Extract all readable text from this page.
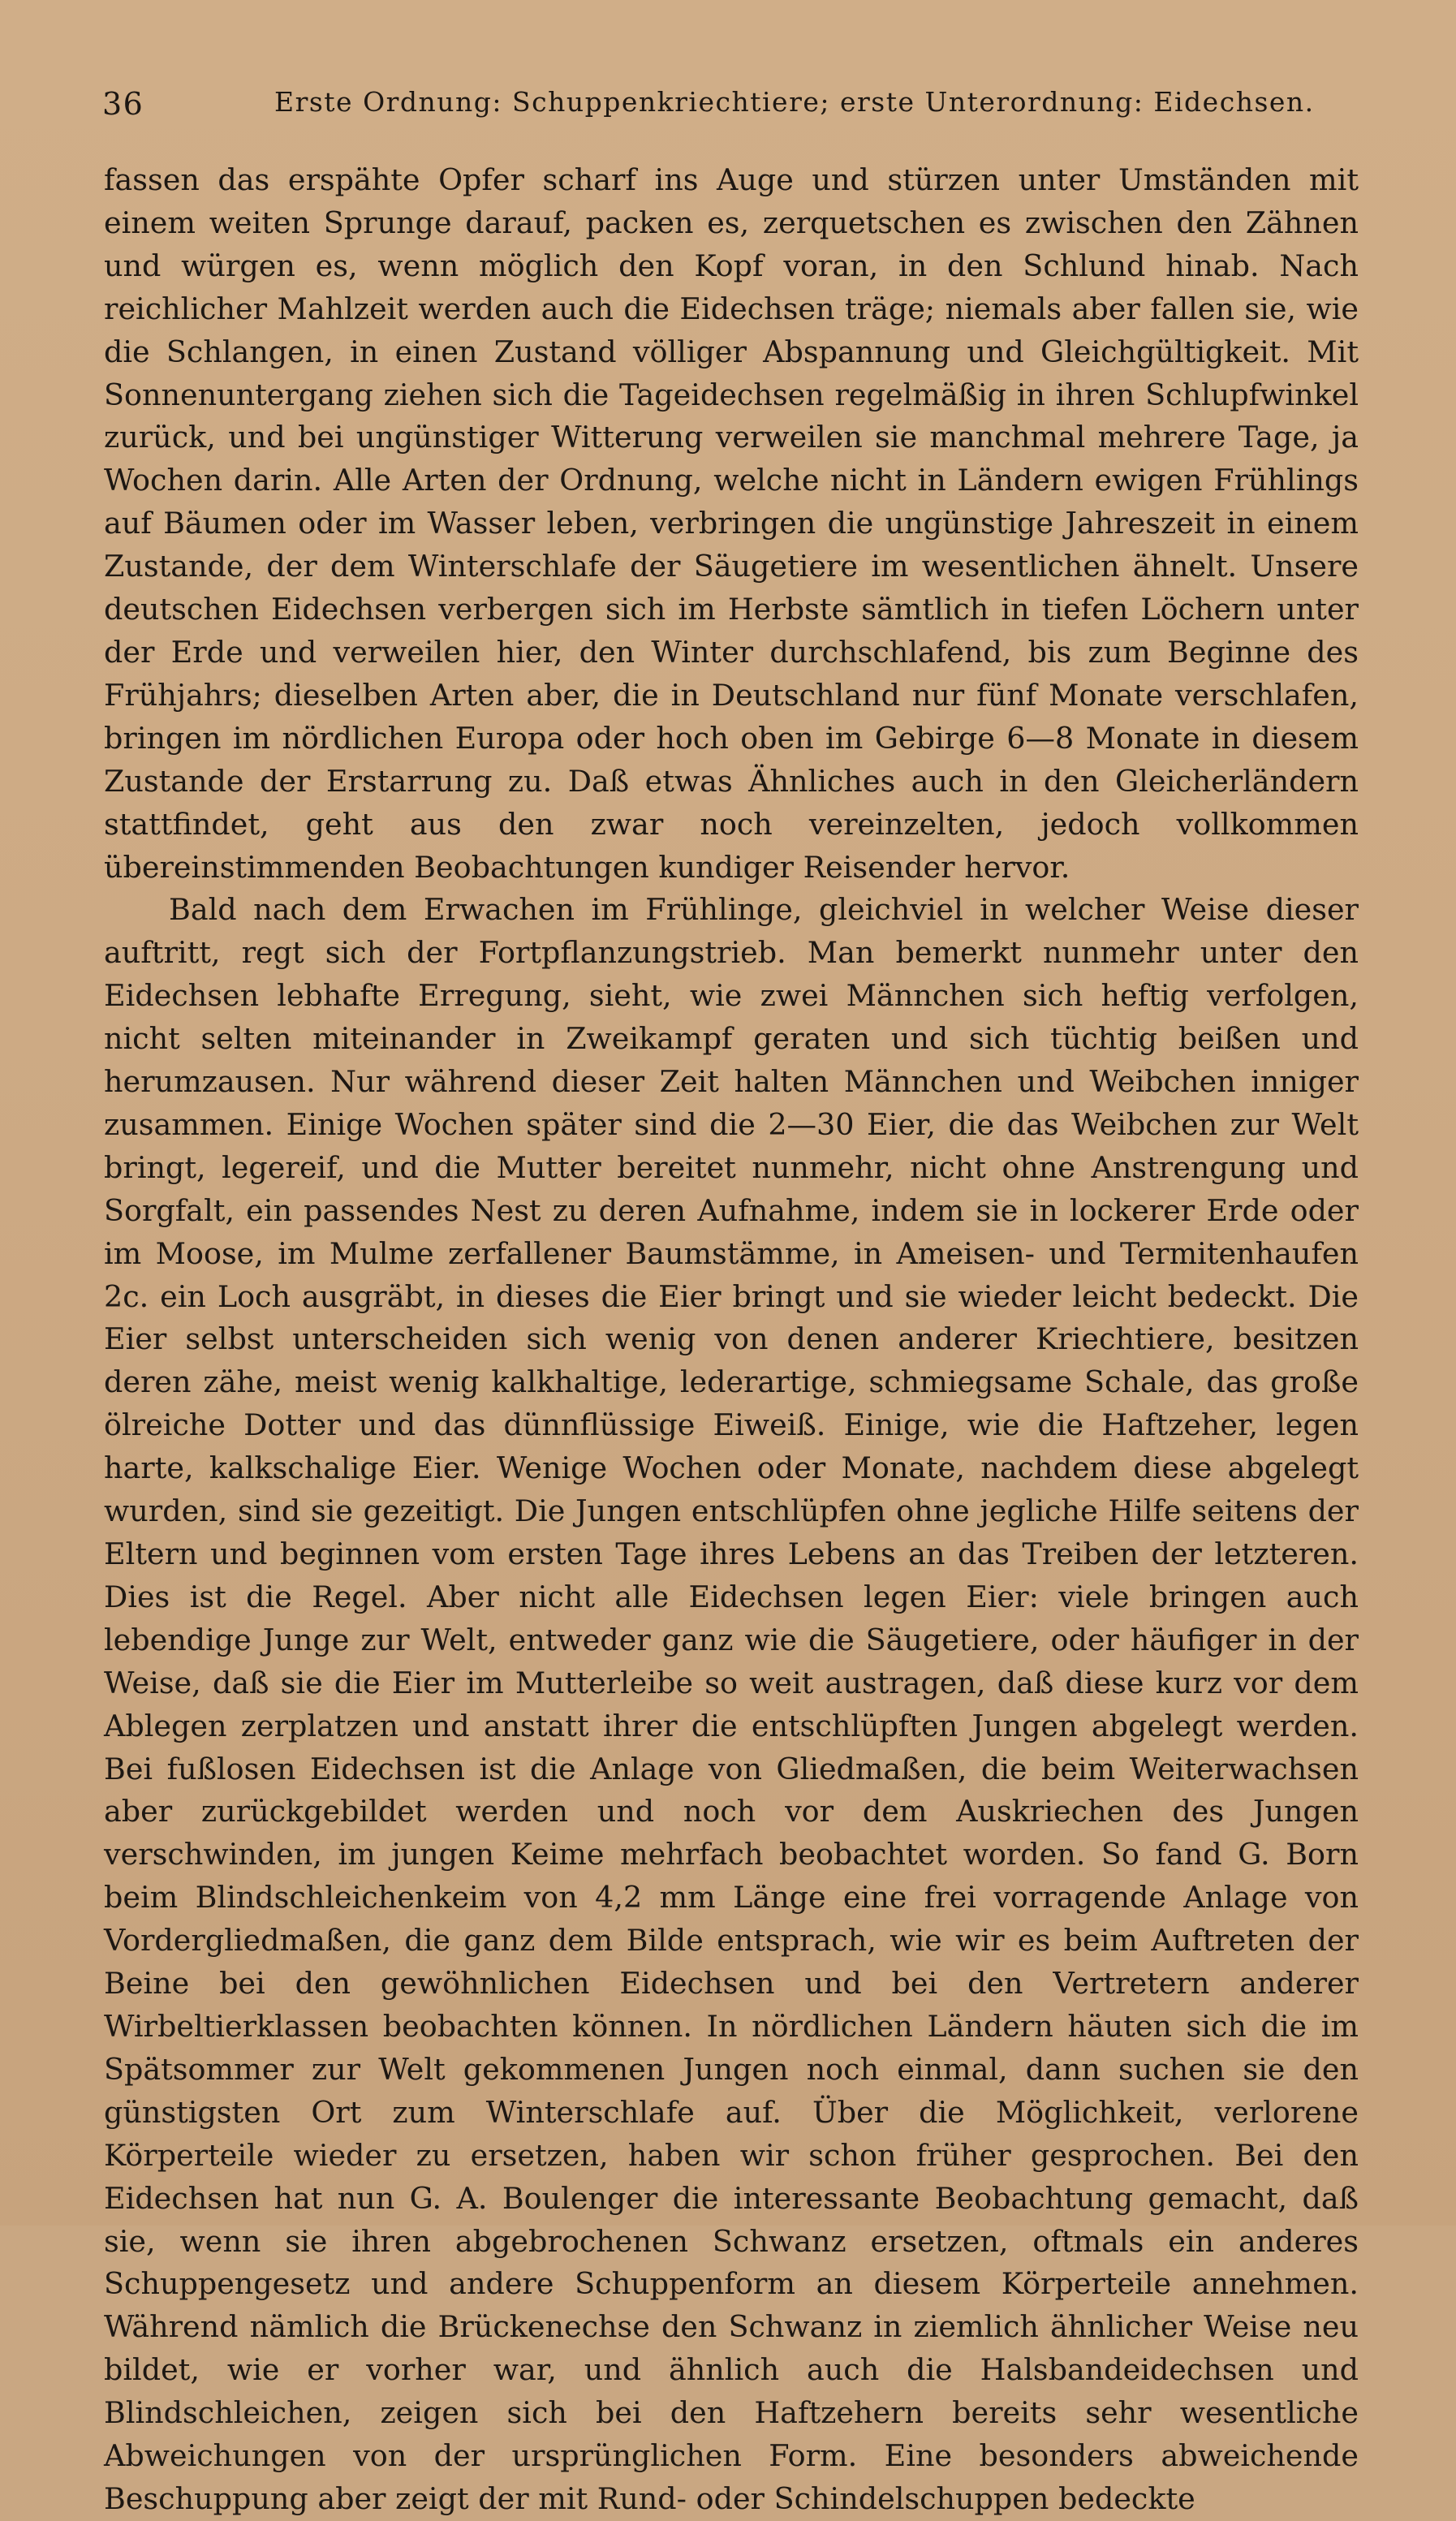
36	Erste Ordnung: Schuppenkriechtiere; erste Unterordnung: Eidechsen.

fassen das erspähte Opfer scharf ins Auge und stürzen unter Umständen mit einem weiten Sprunge darauf, packen es, zerquetschen es zwischen den Zähnen und würgen es, wenn möglich den Kopf voran, in den Schlund hinab. Nach reichlicher Mahlzeit werden auch die Eidechsen träge; niemals aber fallen sie, wie die Schlangen, in einen Zustand völliger Abspannung und Gleichgültigkeit. Mit Sonnenuntergang ziehen sich die Tageidechsen regelmäßig in ihren Schlupfwinkel zurück, und bei ungünstiger Witterung verweilen sie manchmal mehrere Tage, ja Wochen darin. Alle Arten der Ordnung, welche nicht in Ländern ewigen Frühlings auf Bäumen oder im Wasser leben, verbringen die ungünstige Jahreszeit in einem Zustande, der dem Winterschlafe der Säugetiere im wesentlichen ähnelt. Unsere deutschen Eidechsen verbergen sich im Herbste sämtlich in tiefen Löchern unter der Erde und verweilen hier, den Winter durchschlafend, bis zum Beginne des Frühjahrs; dieselben Arten aber, die in Deutschland nur fünf Monate verschlafen, bringen im nördlichen Europa oder hoch oben im Gebirge 6—8 Monate in diesem Zustande der Erstarrung zu. Daß etwas Ähnliches auch in den Gleicherländern stattfindet, geht aus den zwar noch vereinzelten, jedoch vollkommen übereinstimmenden Beobachtungen kundiger Reisender hervor.

Bald nach dem Erwachen im Frühlinge, gleichviel in welcher Weise dieser auftritt, regt sich der Fortpflanzungstrieb. Man bemerkt nunmehr unter den Eidechsen lebhafte Erregung, sieht, wie zwei Männchen sich heftig verfolgen, nicht selten miteinander in Zweikampf geraten und sich tüchtig beißen und herumzausen. Nur während dieser Zeit halten Männchen und Weibchen inniger zusammen. Einige Wochen später sind die 2—30 Eier, die das Weibchen zur Welt bringt, legereif, und die Mutter bereitet nunmehr, nicht ohne Anstrengung und Sorgfalt, ein passendes Nest zu deren Aufnahme, indem sie in lockerer Erde oder im Moose, im Mulme zerfallener Baumstämme, in Ameisen- und Termitenhaufen 2c. ein Loch ausgräbt, in dieses die Eier bringt und sie wieder leicht bedeckt. Die Eier selbst unterscheiden sich wenig von denen anderer Kriechtiere, besitzen deren zähe, meist wenig kalkhaltige, lederartige, schmiegsame Schale, das große ölreiche Dotter und das dünnflüssige Eiweiß. Einige, wie die Haftzeher, legen harte, kalkschalige Eier. Wenige Wochen oder Monate, nachdem diese abgelegt wurden, sind sie gezeitigt. Die Jungen entschlüpfen ohne jegliche Hilfe seitens der Eltern und beginnen vom ersten Tage ihres Lebens an das Treiben der letzteren. Dies ist die Regel. Aber nicht alle Eidechsen legen Eier: viele bringen auch lebendige Junge zur Welt, entweder ganz wie die Säugetiere, oder häufiger in der Weise, daß sie die Eier im Mutterleibe so weit austragen, daß diese kurz vor dem Ablegen zerplatzen und anstatt ihrer die entschlüpften Jungen abgelegt werden. Bei fußlosen Eidechsen ist die Anlage von Gliedmaßen, die beim Weiterwachsen aber zurückgebildet werden und noch vor dem Auskriechen des Jungen verschwinden, im jungen Keime mehrfach beobachtet worden. So fand G. Born beim Blindschleichenkeim von 4,2 mm Länge eine frei vorragende Anlage von Vordergliedmaßen, die ganz dem Bilde entsprach, wie wir es beim Auftreten der Beine bei den gewöhnlichen Eidechsen und bei den Vertretern anderer Wirbeltierklassen beobachten können. In nördlichen Ländern häuten sich die im Spätsommer zur Welt gekommenen Jungen noch einmal, dann suchen sie den günstigsten Ort zum Winterschlafe auf. Über die Möglichkeit, verlorene Körperteile wieder zu ersetzen, haben wir schon früher gesprochen. Bei den Eidechsen hat nun G. A. Boulenger die interessante Beobachtung gemacht, daß sie, wenn sie ihren abgebrochenen Schwanz ersetzen, oftmals ein anderes Schuppengesetz und andere Schuppenform an diesem Körperteile annehmen. Während nämlich die Brückenechse den Schwanz in ziemlich ähnlicher Weise neu bildet, wie er vorher war, und ähnlich auch die Halsbandeidechsen und Blindschleichen, zeigen sich bei den Haftzehern bereits sehr wesentliche Abweichungen von der ursprünglichen Form. Eine besonders abweichende Beschuppung aber zeigt der mit Rund- oder Schindelschuppen bedeckte
